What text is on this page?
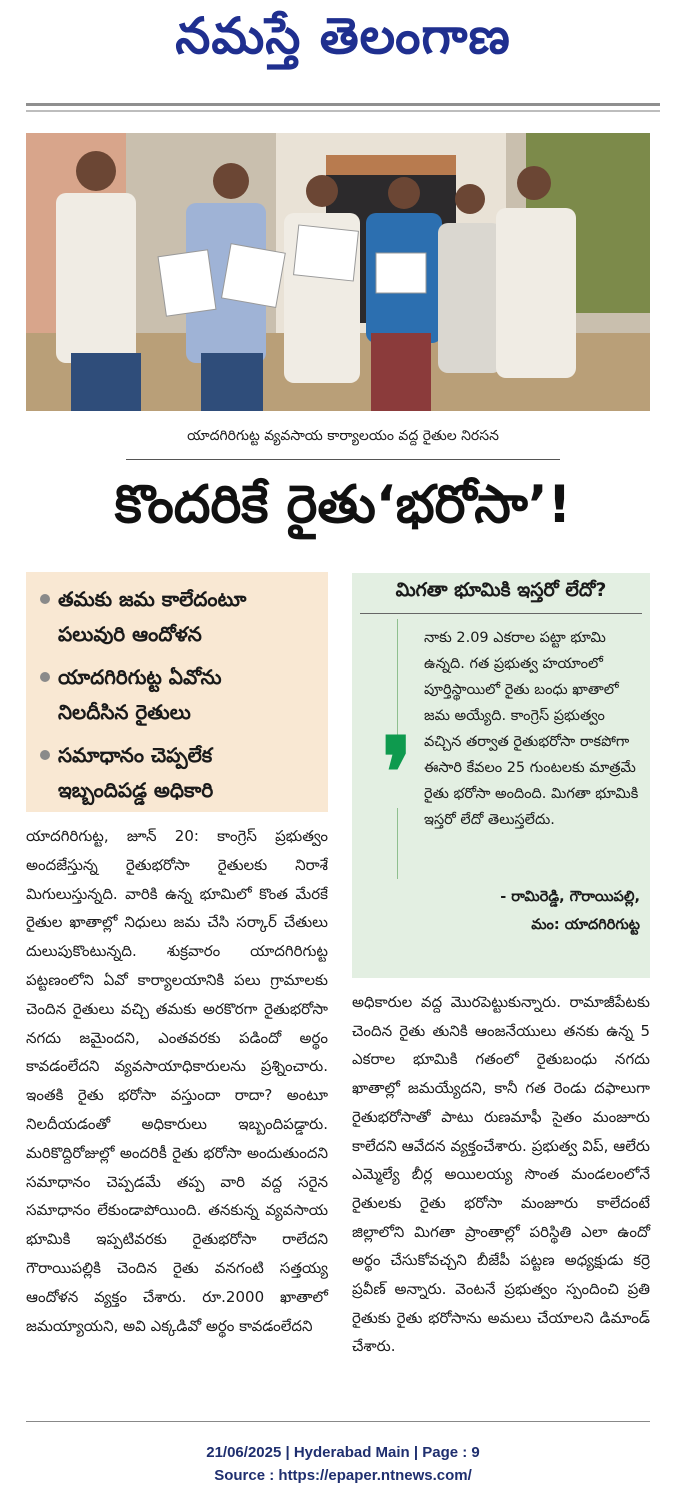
నమస్తే తెలంగాణ
యాదగిరిగుట్ట వ్యవసాయ కార్యాలయం వద్ద రైతుల నిరసన
కొందరికే రైతు‘భరోసా’!
తమకు జమ కాలేదంటూ
పలువురి ఆందోళన
యాదగిరిగుట్ట ఏవోను
నిలదీసిన రైతులు
సమాధానం చెప్పలేక
ఇబ్బందిపడ్డ అధికారి
మిగతా భూమికి ఇస్తరో లేదో?
❜
నాకు 2.09 ఎకరాల పట్టా భూమి ఉన్నది. గత ప్రభుత్వ హయాంలో పూర్తిస్థాయిలో రైతు బంధు ఖాతాలో జమ అయ్యేది. కాంగ్రెస్ ప్రభుత్వం వచ్చిన తర్వాత రైతుభరోసా రాకపోగా ఈసారి కేవలం 25 గుంటలకు మాత్రమే రైతు భరోసా అందింది. మిగతా భూమికి ఇస్తరో లేదో తెలుస్తలేదు.
- రామిరెడ్డి, గౌరాయిపల్లి,
మం: యాదగిరిగుట్ట
యాదగిరిగుట్ట, జూన్ 20: కాంగ్రెస్ ప్రభుత్వం అందజేస్తున్న రైతుభరోసా రైతులకు నిరాశే మిగులుస్తున్నది. వారికి ఉన్న భూమిలో కొంత మేరకే రైతుల ఖాతాల్లో నిధులు జమ చేసి సర్కార్ చేతులు దులుపుకొంటున్నది. శుక్రవారం యాదగిరిగుట్ట పట్టణంలోని ఏవో కార్యాలయానికి పలు గ్రామాలకు చెందిన రైతులు వచ్చి తమకు అరకొరగా రైతుభరోసా నగదు జమైందని, ఎంతవరకు పడిందో అర్థం కావడంలేదని వ్యవసాయాధికారులను ప్రశ్నించారు. ఇంతకి రైతు భరోసా వస్తుందా రాదా? అంటూ నిలదీయడంతో అధికారులు ఇబ్బందిపడ్డారు. మరికొద్దిరోజుల్లో అందరికీ రైతు భరోసా అందుతుందని సమాధానం చెప్పడమే తప్ప వారి వద్ద సరైన సమాధానం లేకుండాపోయింది. తనకున్న వ్యవసాయ భూమికి ఇప్పటివరకు రైతుభరోసా రాలేదని గౌరాయిపల్లికి చెందిన రైతు వనగంటి సత్తయ్య ఆందోళన వ్యక్తం చేశారు. రూ.2000 ఖాతాలో జమయ్యాయని, అవి ఎక్కడివో అర్థం కావడంలేదని
అధికారుల వద్ద మొరపెట్టుకున్నారు. రామాజీపేటకు చెందిన రైతు తునికి ఆంజనేయులు తనకు ఉన్న 5 ఎకరాల భూమికి గతంలో రైతుబంధు నగదు ఖాతాల్లో జమయ్యేదని, కానీ గత రెండు దఫాలుగా రైతుభరోసాతో పాటు రుణమాఫీ సైతం మంజూరు కాలేదని ఆవేదన వ్యక్తంచేశారు. ప్రభుత్వ విప్, ఆలేరు ఎమ్మెల్యే బీర్ల అయిలయ్య సొంత మండలంలోనే రైతులకు రైతు భరోసా మంజూరు కాలేదంటే జిల్లాలోని మిగతా ప్రాంతాల్లో పరిస్థితి ఎలా ఉందో అర్థం చేసుకోవచ్చని బీజేపీ పట్టణ అధ్యక్షుడు కర్రె ప్రవీణ్ అన్నారు. వెంటనే ప్రభుత్వం స్పందించి ప్రతి రైతుకు రైతు భరోసాను అమలు చేయాలని డిమాండ్ చేశారు.
21/06/2025 | Hyderabad Main | Page : 9
Source : https://epaper.ntnews.com/
